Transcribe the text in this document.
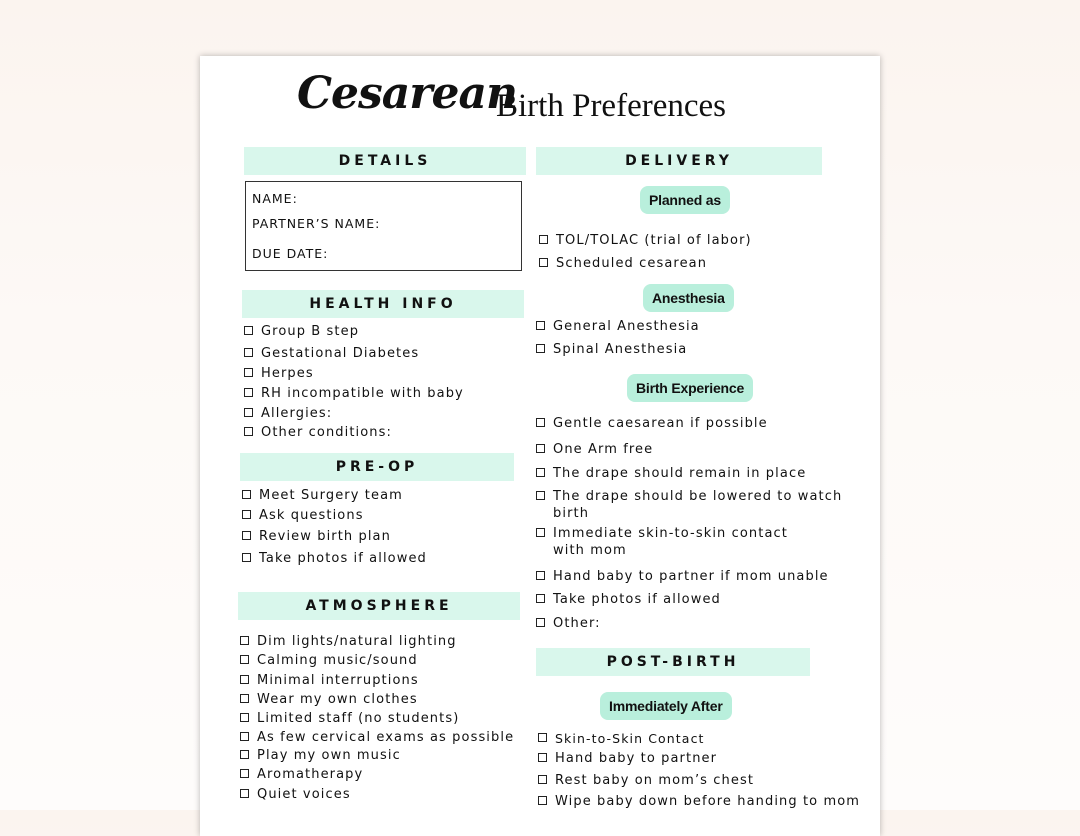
Cesarean
Birth Preferences
DETAILS
NAME:
PARTNER’S NAME:
DUE DATE:
HEALTH INFO
Group B step
Gestational Diabetes
Herpes
RH incompatible with baby
Allergies:
Other conditions:
PRE-OP
Meet Surgery team
Ask questions
Review birth plan
Take photos if allowed
ATMOSPHERE
Dim lights/natural lighting
Calming music/sound
Minimal interruptions
Wear my own clothes
Limited staff (no students)
As few cervical exams as possible
Play my own music
Aromatherapy
Quiet voices
DELIVERY
Planned as
TOL/TOLAC (trial of labor)
Scheduled cesarean
Anesthesia
General Anesthesia
Spinal Anesthesia
Birth Experience
Gentle caesarean if possible
One Arm free
The drape should remain in place
The drape should be lowered to watch birth
Immediate skin-to-skin contact with mom
Hand baby to partner if mom unable
Take photos if allowed
Other:
POST-BIRTH
Immediately After
Skin-to-Skin Contact
Hand baby to partner
Rest baby on mom’s chest
Wipe baby down before handing to mom
